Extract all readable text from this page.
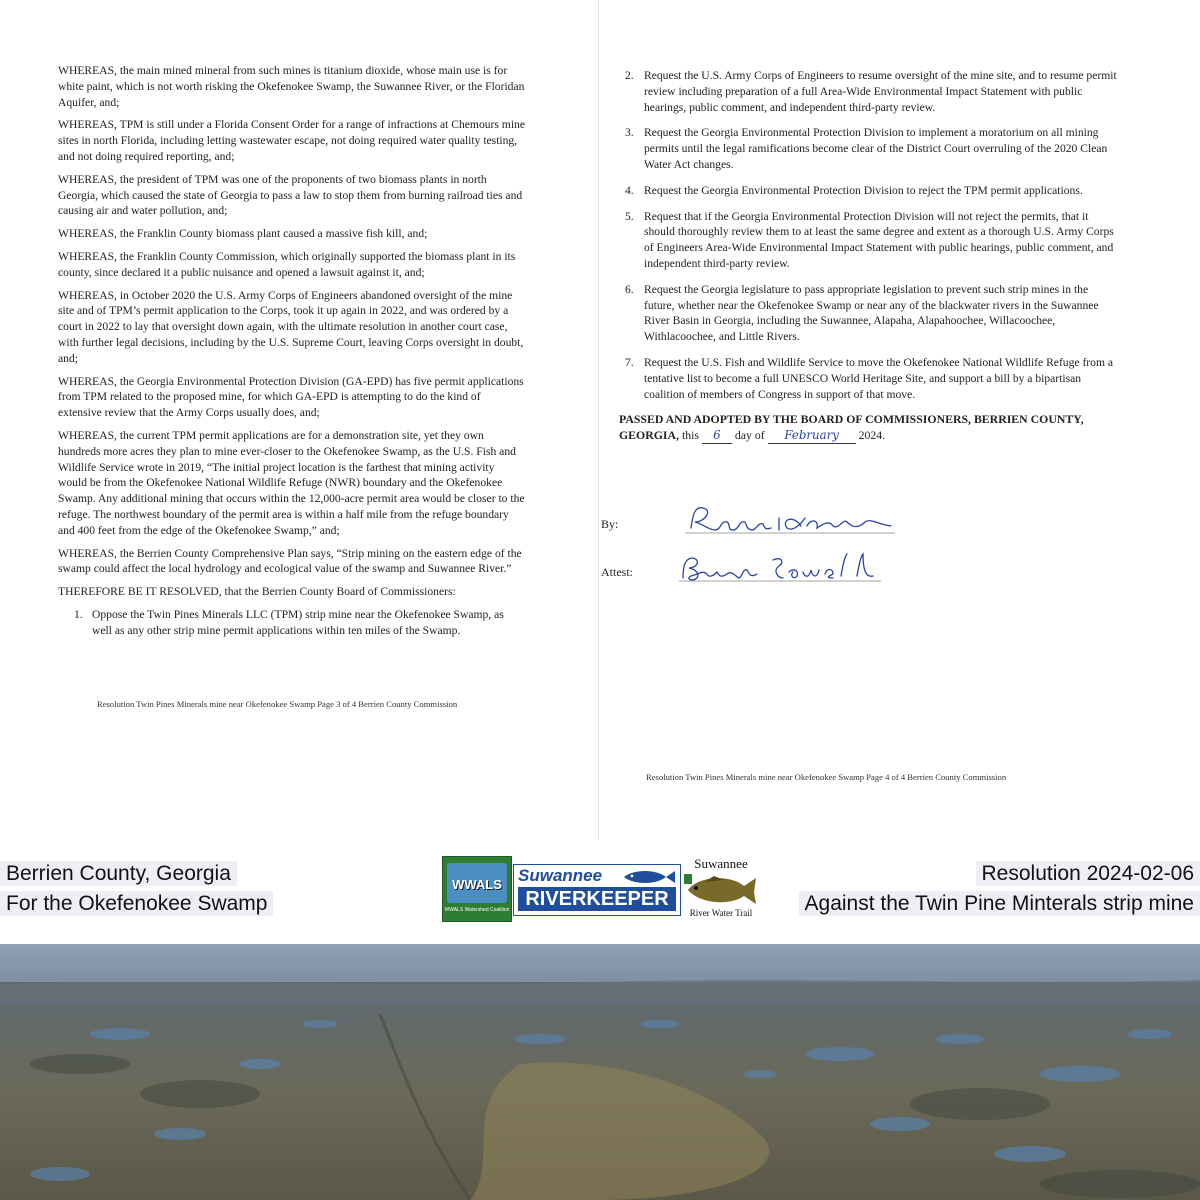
WHEREAS, the main mined mineral from such mines is titanium dioxide, whose main use is for white paint, which is not worth risking the Okefenokee Swamp, the Suwannee River, or the Floridan Aquifer, and;

WHEREAS, TPM is still under a Florida Consent Order for a range of infractions at Chemours mine sites in north Florida, including letting wastewater escape, not doing required water quality testing, and not doing required reporting, and;

WHEREAS, the president of TPM was one of the proponents of two biomass plants in north Georgia, which caused the state of Georgia to pass a law to stop them from burning railroad ties and causing air and water pollution, and;

WHEREAS, the Franklin County biomass plant caused a massive fish kill, and;

WHEREAS, the Franklin County Commission, which originally supported the biomass plant in its county, since declared it a public nuisance and opened a lawsuit against it, and;

WHEREAS, in October 2020 the U.S. Army Corps of Engineers abandoned oversight of the mine site and of TPM’s permit application to the Corps, took it up again in 2022, and was ordered by a court in 2022 to lay that oversight down again, with the ultimate resolution in another court case, with further legal decisions, including by the U.S. Supreme Court, leaving Corps oversight in doubt, and;

WHEREAS, the Georgia Environmental Protection Division (GA-EPD) has five permit applications from TPM related to the proposed mine, for which GA-EPD is attempting to do the kind of extensive review that the Army Corps usually does, and;

WHEREAS, the current TPM permit applications are for a demonstration site, yet they own hundreds more acres they plan to mine ever-closer to the Okefenokee Swamp, as the U.S. Fish and Wildlife Service wrote in 2019, “The initial project location is the farthest that mining activity would be from the Okefenokee National Wildlife Refuge (NWR) boundary and the Okefenokee Swamp. Any additional mining that occurs within the 12,000-acre permit area would be closer to the refuge. The northwest boundary of the permit area is within a half mile from the refuge boundary and 400 feet from the edge of the Okefenokee Swamp,” and;

WHEREAS, the Berrien County Comprehensive Plan says, “Strip mining on the eastern edge of the swamp could affect the local hydrology and ecological value of the swamp and Suwannee River.”

THEREFORE BE IT RESOLVED, that the Berrien County Board of Commissioners:

1. Oppose the Twin Pines Minerals LLC (TPM) strip mine near the Okefenokee Swamp, as well as any other strip mine permit applications within ten miles of the Swamp.
Resolution Twin Pines Minerals mine near Okefenokee Swamp Page 3 of 4 Berrien County Commission
2. Request the U.S. Army Corps of Engineers to resume oversight of the mine site, and to resume permit review including preparation of a full Area-Wide Environmental Impact Statement with public hearings, public comment, and independent third-party review.
3. Request the Georgia Environmental Protection Division to implement a moratorium on all mining permits until the legal ramifications become clear of the District Court overruling of the 2020 Clean Water Act changes.
4. Request the Georgia Environmental Protection Division to reject the TPM permit applications.
5. Request that if the Georgia Environmental Protection Division will not reject the permits, that it should thoroughly review them to at least the same degree and extent as a thorough U.S. Army Corps of Engineers Area-Wide Environmental Impact Statement with public hearings, public comment, and independent third-party review.
6. Request the Georgia legislature to pass appropriate legislation to prevent such strip mines in the future, whether near the Okefenokee Swamp or near any of the blackwater rivers in the Suwannee River Basin in Georgia, including the Suwannee, Alapaha, Alapahoochee, Willacoochee, Withlacoochee, and Little Rivers.
7. Request the U.S. Fish and Wildlife Service to move the Okefenokee National Wildlife Refuge from a tentative list to become a full UNESCO World Heritage Site, and support a bill by a bipartisan coalition of members of Congress in support of that move.
PASSED AND ADOPTED BY THE BOARD OF COMMISSIONERS, BERRIEN COUNTY, GEORGIA, this 6 day of February 2024.
By:
Attest:
Resolution Twin Pines Minerals mine near Okefenokee Swamp Page 4 of 4 Berrien County Commission
Berrien County, Georgia
For the Okefenokee Swamp
Resolution 2024-02-06
Against the Twin Pine Minterals strip mine
WWALS
WWALS Watershed Coalition
Suwannee
RIVERKEEPER
Suwannee
River Water Trail
